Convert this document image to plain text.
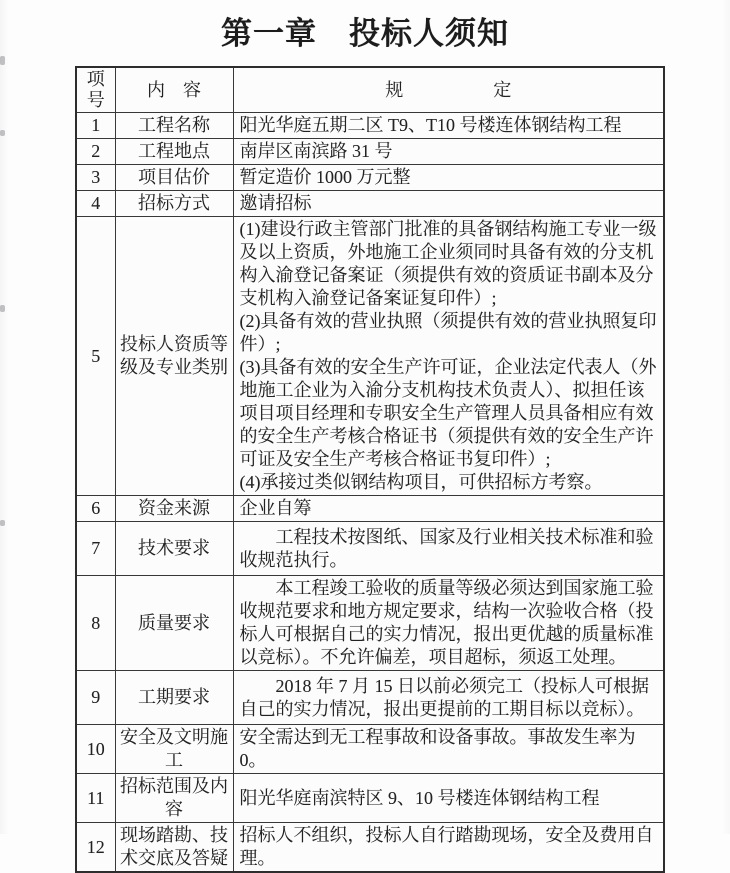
第一章　投标人须知
项号	内　容	规　　　　　定
1	工程名称	阳光华庭五期二区 T9、T10 号楼连体钢结构工程

2	工程地点	南岸区南滨路 31 号

3	项目估价	暂定造价 1000 万元整

4	招标方式	邀请招标

5	投标人资质等级及专业类别	(1)建设行政主管部门批准的具备钢结构施工专业一级及以上资质，外地施工企业须同时具备有效的分支机构入渝登记备案证（须提供有效的资质证书副本及分支机构入渝登记备案证复印件）;

(2)具备有效的营业执照（须提供有效的营业执照复印件）;

(3)具备有效的安全生产许可证，企业法定代表人（外地施工企业为入渝分支机构技术负责人）、拟担任该项目项目经理和专职安全生产管理人员具备相应有效的安全生产考核合格证书（须提供有效的安全生产许可证及安全生产考核合格证书复印件）;

(4)承接过类似钢结构项目，可供招标方考察。

6	资金来源	企业自筹

7	技术要求	工程技术按图纸、国家及行业相关技术标准和验收规范执行。

8	质量要求	本工程竣工验收的质量等级必须达到国家施工验收规范要求和地方规定要求，结构一次验收合格（投标人可根据自己的实力情况，报出更优越的质量标准以竞标）。不允许偏差，项目超标，须返工处理。

9	工期要求	2018 年 7 月 15 日以前必须完工（投标人可根据自己的实力情况，报出更提前的工期目标以竞标）。

10	安全及文明施工	安全需达到无工程事故和设备事故。事故发生率为 0。

11	招标范围及内容	阳光华庭南滨特区 9、10 号楼连体钢结构工程

12	现场踏勘、技术交底及答疑	招标人不组织，投标人自行踏勘现场，安全及费用自理。
